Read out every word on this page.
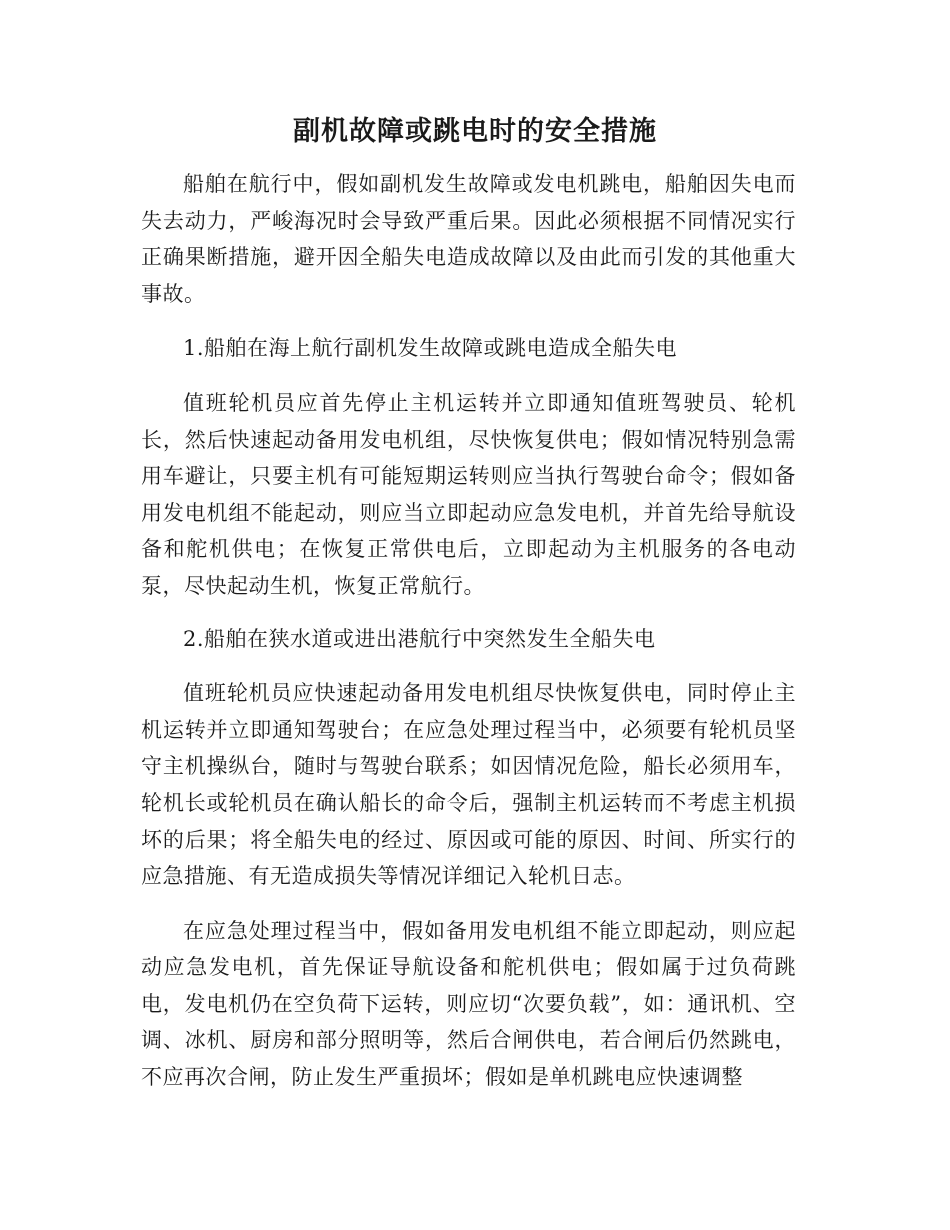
副机故障或跳电时的安全措施

船舶在航行中，假如副机发生故障或发电机跳电，船舶因失电而失去动力，严峻海况时会导致严重后果。因此必须根据不同情况实行正确果断措施，避开因全船失电造成故障以及由此而引发的其他重大事故。

1.船舶在海上航行副机发生故障或跳电造成全船失电

值班轮机员应首先停止主机运转并立即通知值班驾驶员、轮机长，然后快速起动备用发电机组，尽快恢复供电；假如情况特别急需用车避让，只要主机有可能短期运转则应当执行驾驶台命令；假如备用发电机组不能起动，则应当立即起动应急发电机，并首先给导航设备和舵机供电；在恢复正常供电后，立即起动为主机服务的各电动泵，尽快起动生机，恢复正常航行。

2.船舶在狭水道或进出港航行中突然发生全船失电

值班轮机员应快速起动备用发电机组尽快恢复供电，同时停止主机运转并立即通知驾驶台；在应急处理过程当中，必须要有轮机员坚守主机操纵台，随时与驾驶台联系；如因情况危险，船长必须用车，轮机长或轮机员在确认船长的命令后，强制主机运转而不考虑主机损坏的后果；将全船失电的经过、原因或可能的原因、时间、所实行的应急措施、有无造成损失等情况详细记入轮机日志。

在应急处理过程当中，假如备用发电机组不能立即起动，则应起动应急发电机，首先保证导航设备和舵机供电；假如属于过负荷跳电，发电机仍在空负荷下运转，则应切“次要负载”，如：通讯机、空调、冰机、厨房和部分照明等，然后合闸供电，若合闸后仍然跳电，不应再次合闸，防止发生严重损坏；假如是单机跳电应快速调整
